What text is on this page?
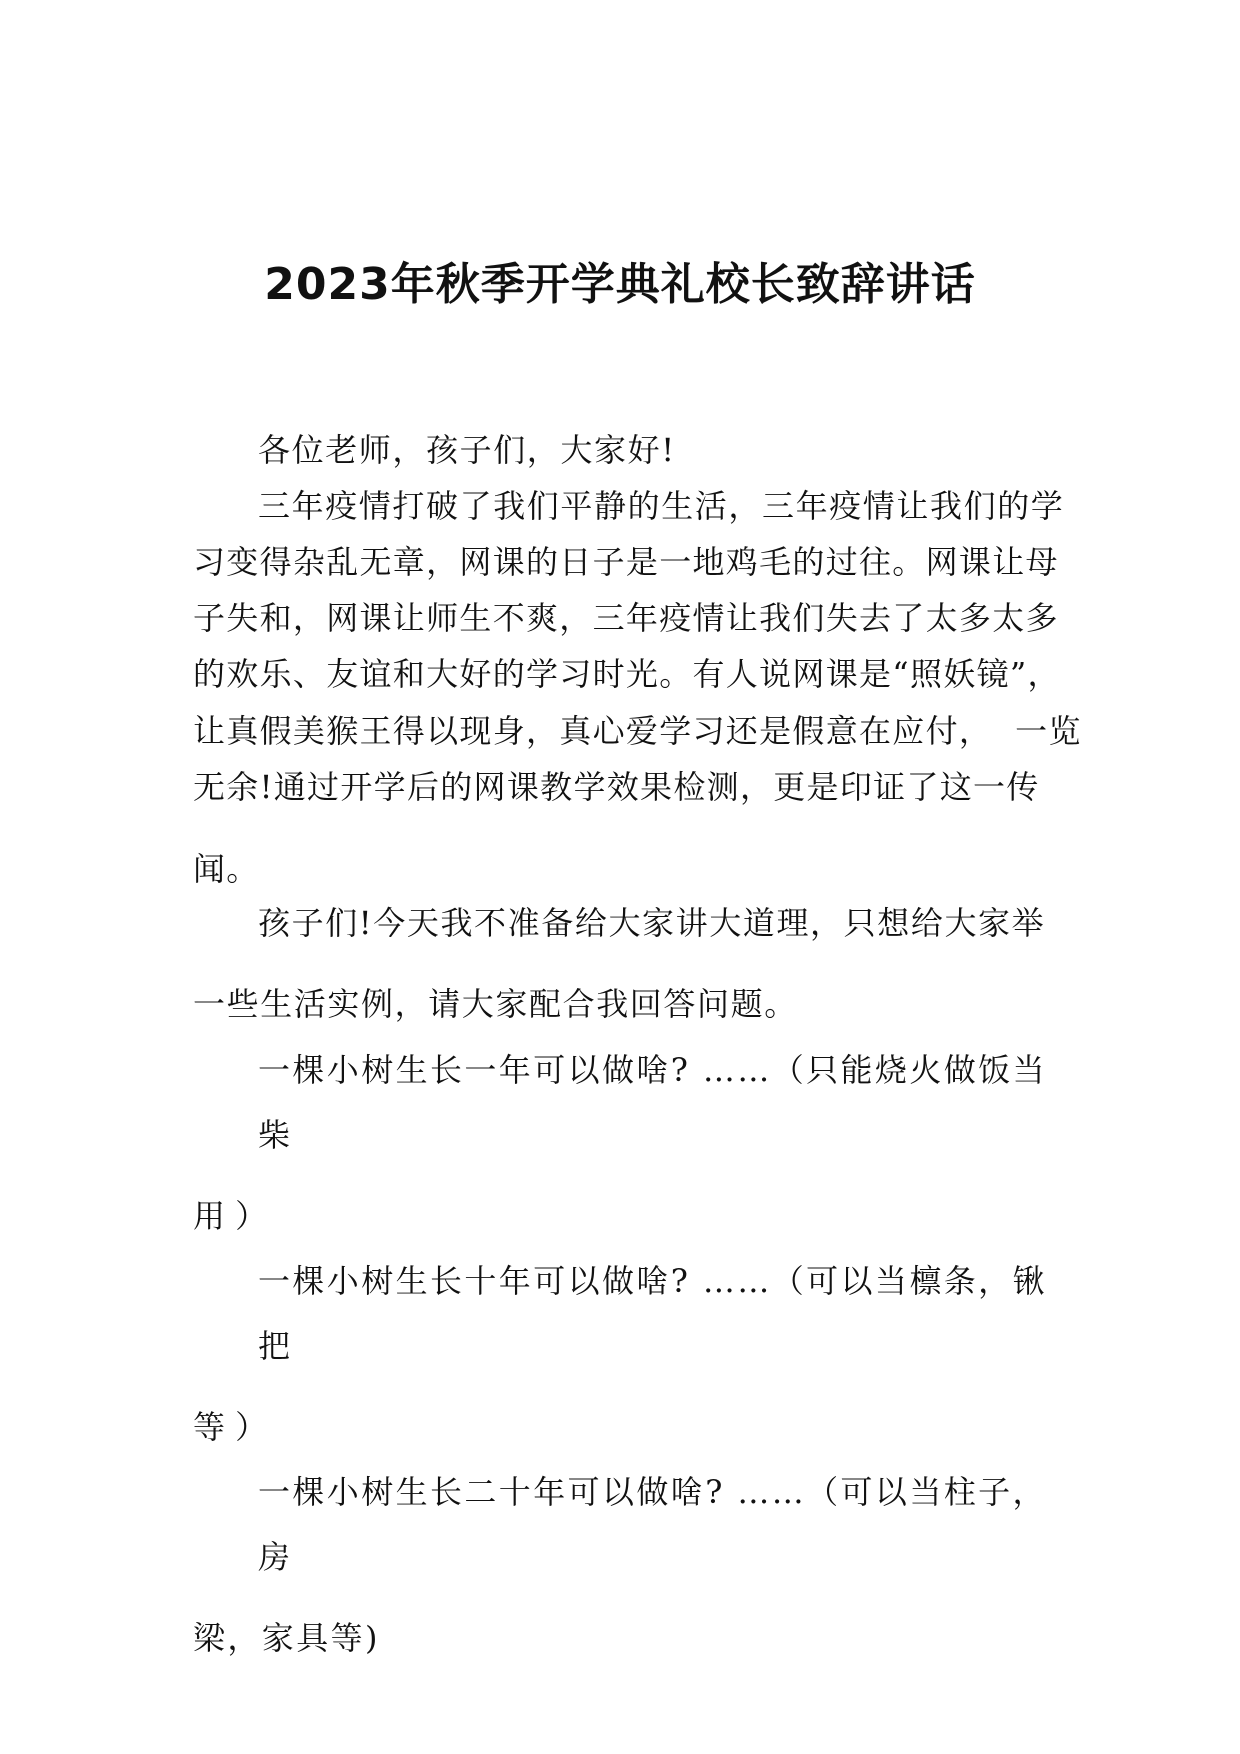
2023年秋季开学典礼校长致辞讲话

各位老师，孩子们，大家好!

三年疫情打破了我们平静的生活，三年疫情让我们的学

习变得杂乱无章，网课的日子是一地鸡毛的过往。网课让母

子失和，网课让师生不爽，三年疫情让我们失去了太多太多

的欢乐、友谊和大好的学习时光。有人说网课是“照妖镜”，

让真假美猴王得以现身，真心爱学习还是假意在应付，  一览

无余!通过开学后的网课教学效果检测，更是印证了这一传

闻。

孩子们!今天我不准备给大家讲大道理，只想给大家举

一些生活实例，请大家配合我回答问题。

一棵小树生长一年可以做啥? ……（只能烧火做饭当

柴

用 ）

一棵小树生长十年可以做啥? ……（可以当檩条，锹

把

等 ）

一棵小树生长二十年可以做啥? ……（可以当柱子，

房

梁，家具等)
